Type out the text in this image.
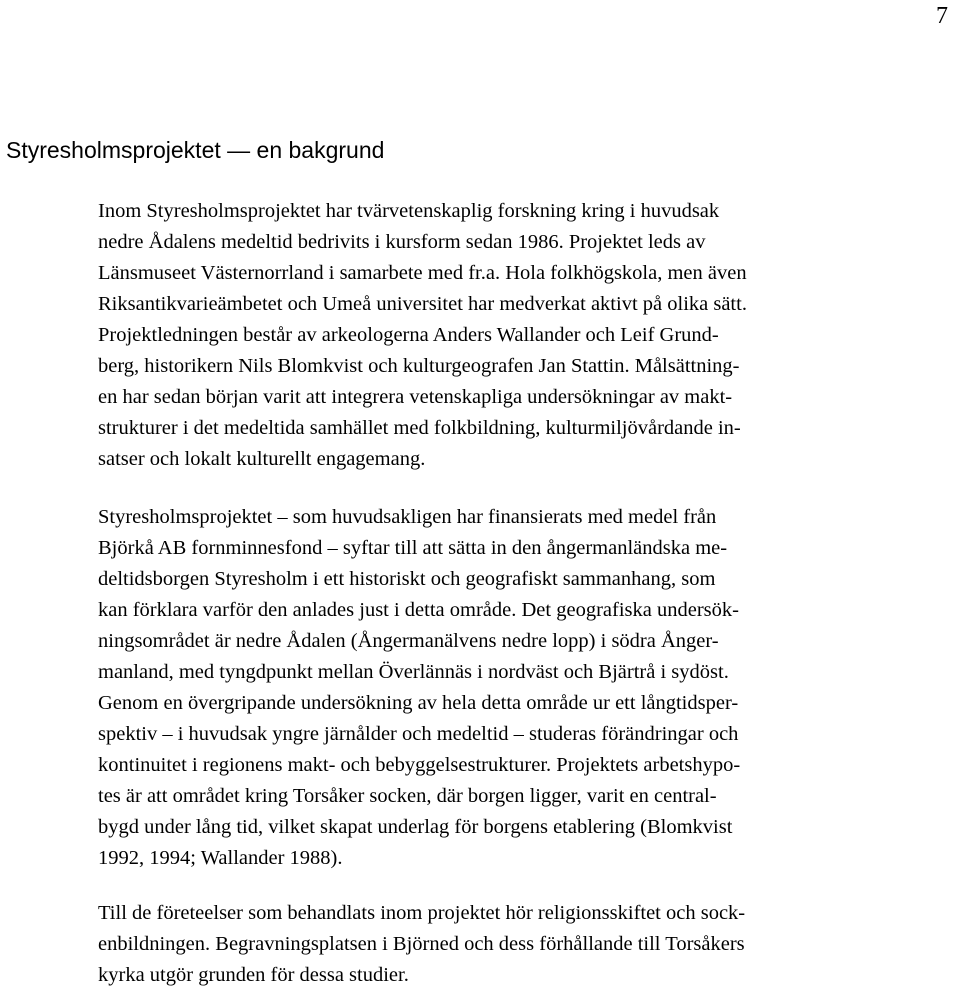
7
Styresholmsprojektet — en bakgrund
Inom Styresholmsprojektet har tvärvetenskaplig forskning kring i huvudsak
nedre Ådalens medeltid bedrivits i kursform sedan 1986. Projektet leds av
Länsmuseet Västernorrland i samarbete med fr.a. Hola folkhögskola, men även
Riksantikvarieämbetet och Umeå universitet har medverkat aktivt på olika sätt.
Projektledningen består av arkeologerna Anders Wallander och Leif Grund-
berg, historikern Nils Blomkvist och kulturgeografen Jan Stattin. Målsättning-
en har sedan början varit att integrera vetenskapliga undersökningar av makt-
strukturer i det medeltida samhället med folkbildning, kulturmiljövårdande in-
satser och lokalt kulturellt engagemang.
Styresholmsprojektet – som huvudsakligen har finansierats med medel från
Björkå AB fornminnesfond – syftar till att sätta in den ångermanländska me-
deltidsborgen Styresholm i ett historiskt och geografiskt sammanhang, som
kan förklara varför den anlades just i detta område. Det geografiska undersök-
ningsområdet är nedre Ådalen (Ångermanälvens nedre lopp) i södra Ånger-
manland, med tyngdpunkt mellan Överlännäs i nordväst och Bjärtrå i sydöst.
Genom en övergripande undersökning av hela detta område ur ett långtidsper-
spektiv – i huvudsak yngre järnålder och medeltid – studeras förändringar och
kontinuitet i regionens makt- och bebyggelsestrukturer. Projektets arbetshypo-
tes är att området kring Torsåker socken, där borgen ligger, varit en central-
bygd under lång tid, vilket skapat underlag för borgens etablering (Blomkvist
1992, 1994; Wallander 1988).
Till de företeelser som behandlats inom projektet hör religionsskiftet och sock-
enbildningen. Begravningsplatsen i Björned och dess förhållande till Torsåkers
kyrka utgör grunden för dessa studier.
